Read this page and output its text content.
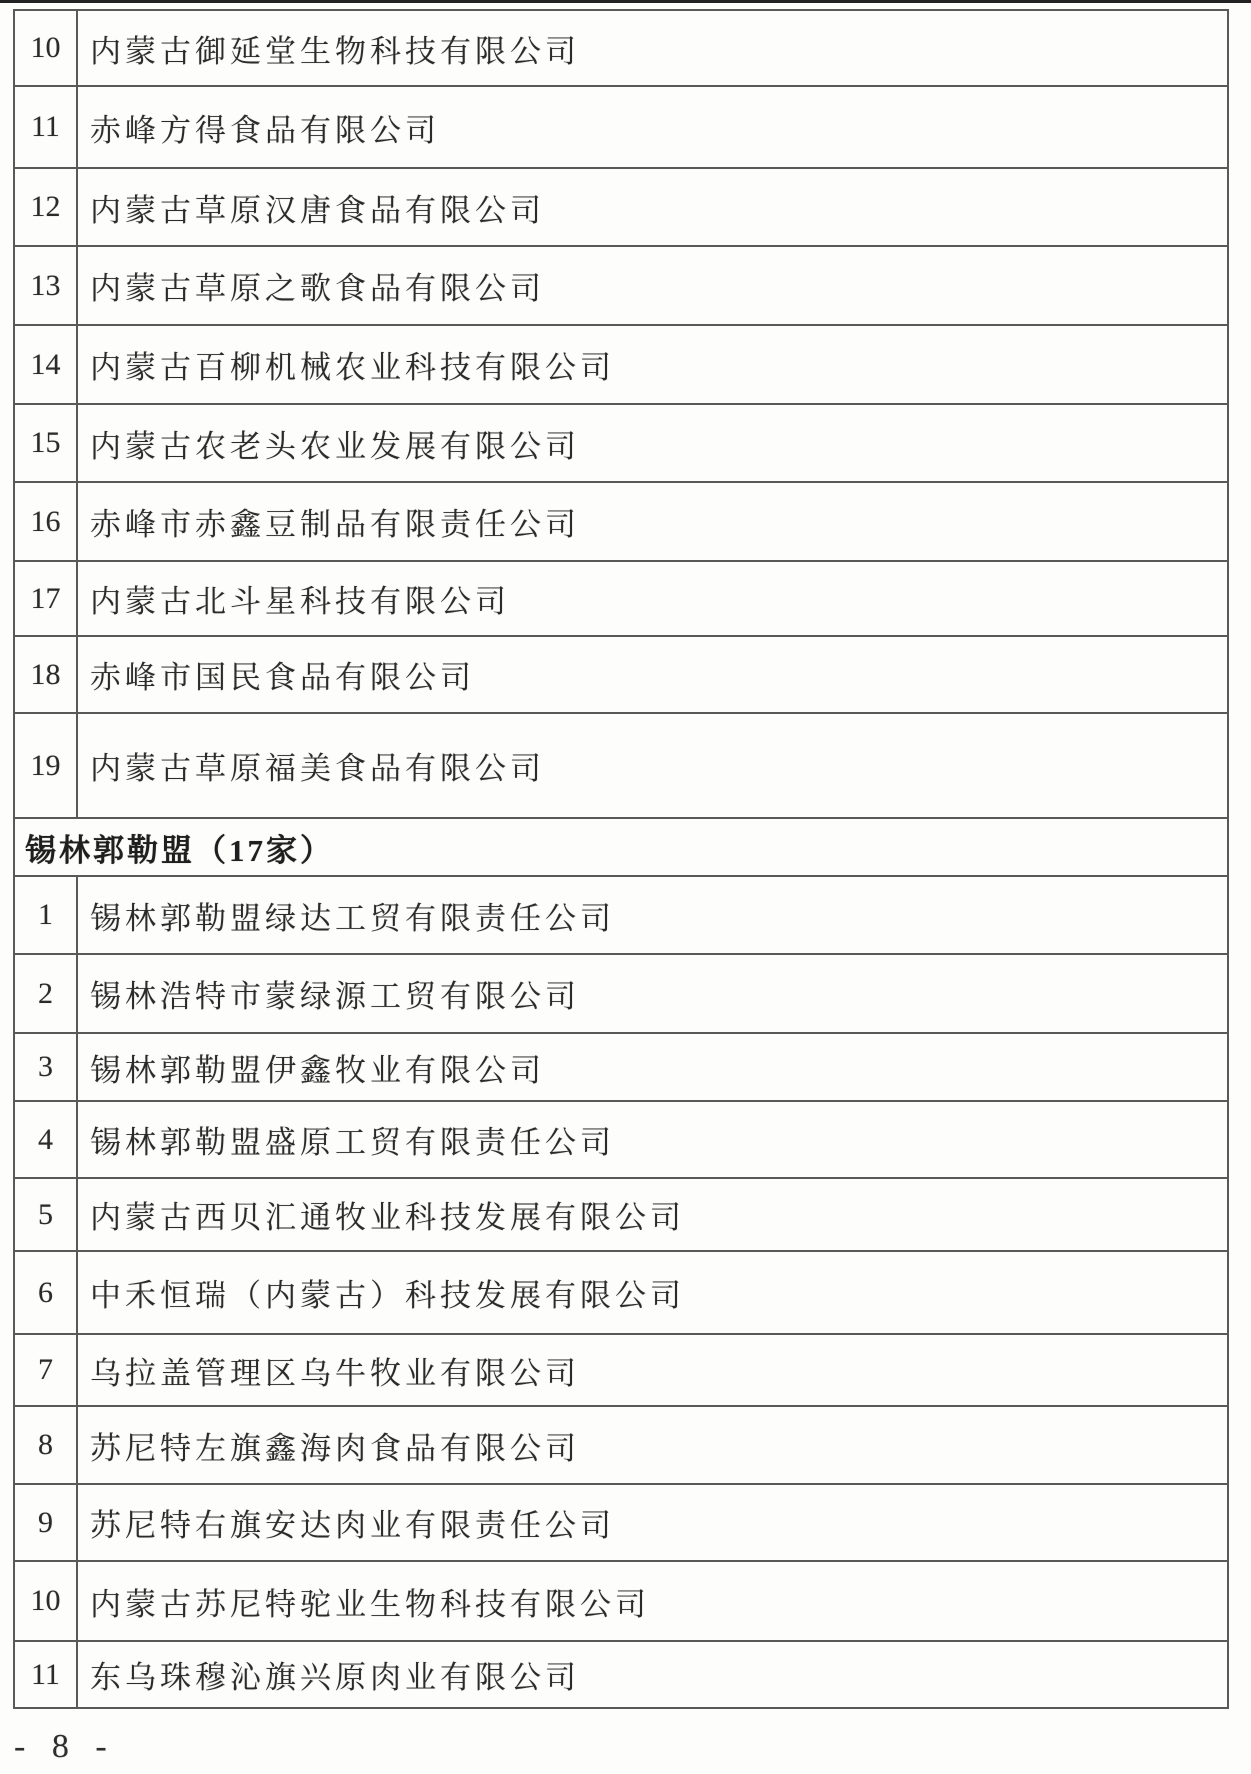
10 内蒙古御延堂生物科技有限公司
11 赤峰方得食品有限公司
12 内蒙古草原汉唐食品有限公司
13 内蒙古草原之歌食品有限公司
14 内蒙古百柳机械农业科技有限公司
15 内蒙古农老头农业发展有限公司
16 赤峰市赤鑫豆制品有限责任公司
17 内蒙古北斗星科技有限公司
18 赤峰市国民食品有限公司
19 内蒙古草原福美食品有限公司
锡林郭勒盟（17家）
1	锡林郭勒盟绿达工贸有限责任公司
2	锡林浩特市蒙绿源工贸有限公司
3	锡林郭勒盟伊鑫牧业有限公司
4	锡林郭勒盟盛原工贸有限责任公司
5	内蒙古西贝汇通牧业科技发展有限公司
6	中禾恒瑞（内蒙古）科技发展有限公司
7	乌拉盖管理区乌牛牧业有限公司
8	苏尼特左旗鑫海肉食品有限公司
9	苏尼特右旗安达肉业有限责任公司
10 内蒙古苏尼特驼业生物科技有限公司
11 东乌珠穆沁旗兴原肉业有限公司
- 8 -
